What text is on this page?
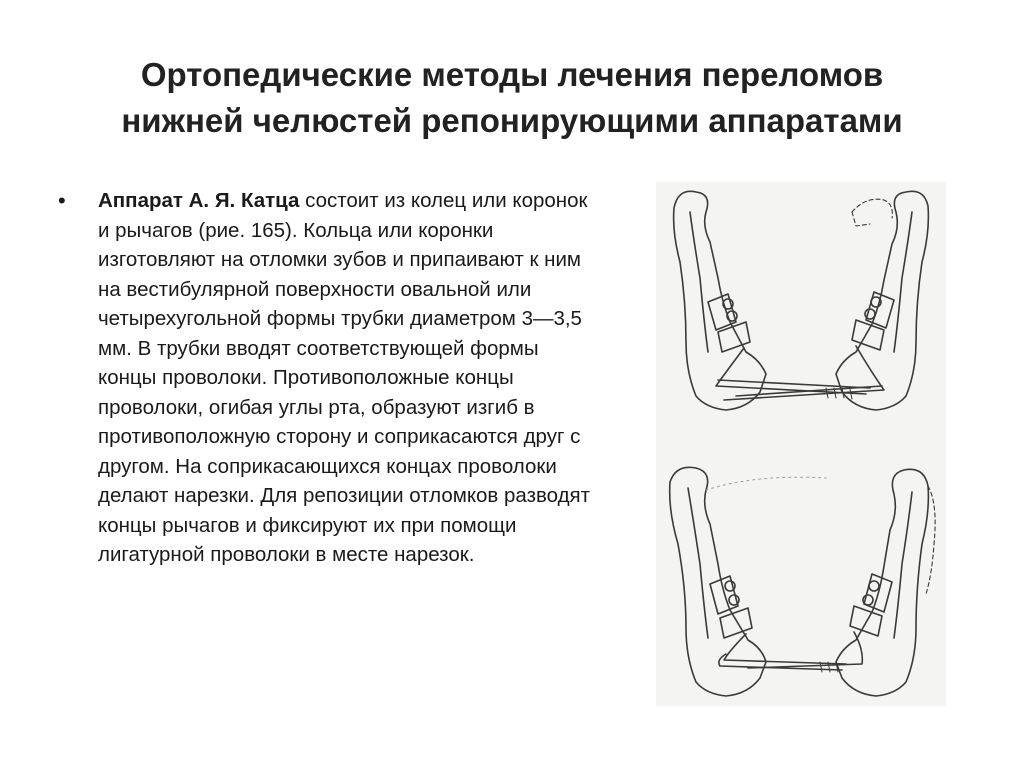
Ортопедические методы лечения переломов
нижней челюстей репонирующими аппаратами
• Аппарат А. Я. Катца состоит из колец или коронок и рычагов (рие. 165). Кольца или коронки изготовляют на отломки зубов и припаивают к ним на вестибулярной поверхности овальной или четырехугольной формы трубки диаметром 3—3,5 мм. В трубки вводят соответствующей формы концы проволоки. Противоположные концы проволоки, огибая углы рта, образуют изгиб в противоположную сторону и соприкасаются друг с другом. На соприкасающихся концах проволоки делают нарезки. Для репозиции отломков разводят концы рычагов и фиксируют их при помощи лигатурной проволоки в месте нарезок.
